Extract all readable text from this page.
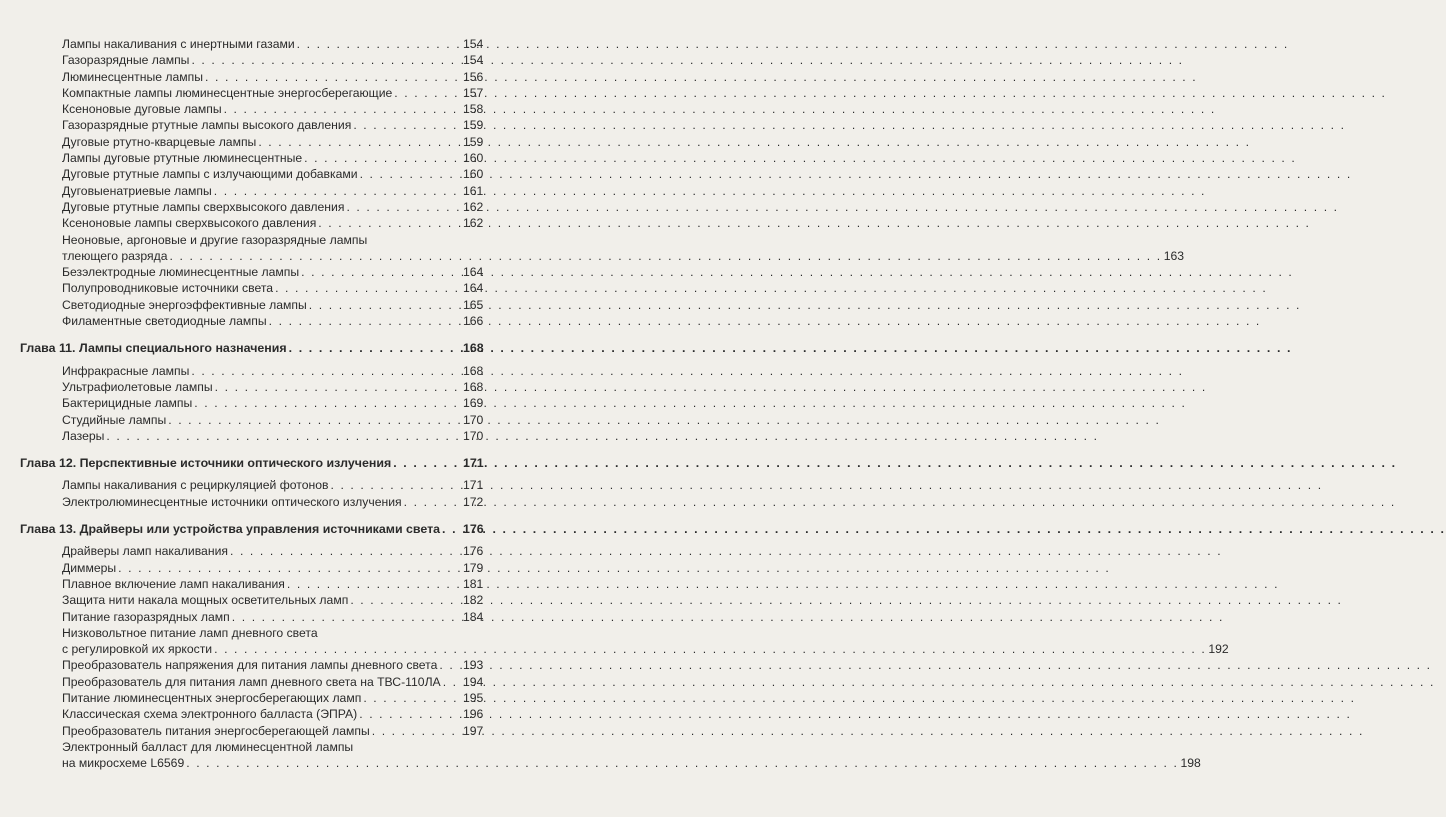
Лампы накаливания с инертными газами . . .	154
Газоразрядные лампы . . .	154
Люминесцентные лампы . . .	156
Компактные лампы люминесцентные энергосберегающие . . .	157
Ксеноновые дуговые лампы . . .	158
Газоразрядные ртутные лампы высокого давления . . .	159
Дуговые ртутно-кварцевые лампы . . .	159
Лампы дуговые ртутные люминесцентные . . .	160
Дуговые ртутные лампы с излучающими добавками . . .	160
Дуговыенатриевые лампы . . .	161
Дуговые ртутные лампы сверхвысокого давления . . .	162
Ксеноновые лампы сверхвысокого давления . . .	162
Неоновые, аргоновые и другие газоразрядные лампы
тлеющего разряда . . .	163
Безэлектродные люминесцентные лампы . . .	164
Полупроводниковые источники света . . .	164
Светодиодные энергоэффективные лампы . . .	165
Филаментные светодиодные лампы . . .	166
Глава 11. Лампы специального назначения . . .	168
Инфракрасные лампы . . .	168
Ультрафиолетовые лампы . . .	168
Бактерицидные лампы . . .	169
Студийные лампы . . .	170
Лазеры . . .	170
Глава 12. Перспективные источники оптического излучения . . .	171
Лампы накаливания с рециркуляцией фотонов . . .	171
Электролюминесцентные источники оптического излучения . . .	172
Глава 13. Драйверы или устройства управления источниками света . . . 176
Драйверы ламп накаливания . . .	176
Диммеры . . .	179
Плавное включение ламп накаливания . . .	181
Защита нити накала мощных осветительных ламп . . .	182
Питание газоразрядных ламп . . .	184
Низковольтное питание ламп дневного света
с регулировкой их яркости . . .	192
Преобразователь напряжения для питания лампы дневного света . . . 193
Преобразователь для питания ламп дневного света на ТВС-110ЛА . . . 194
Питание люминесцентных энергосберегающих ламп . . .	195
Классическая схема электронного балласта (ЭПРА) . . .	196
Преобразователь питания энергосберегающей лампы . . .	197
Электронный балласт для люминесцентной лампы
на микросхеме L6569 . . .	198
